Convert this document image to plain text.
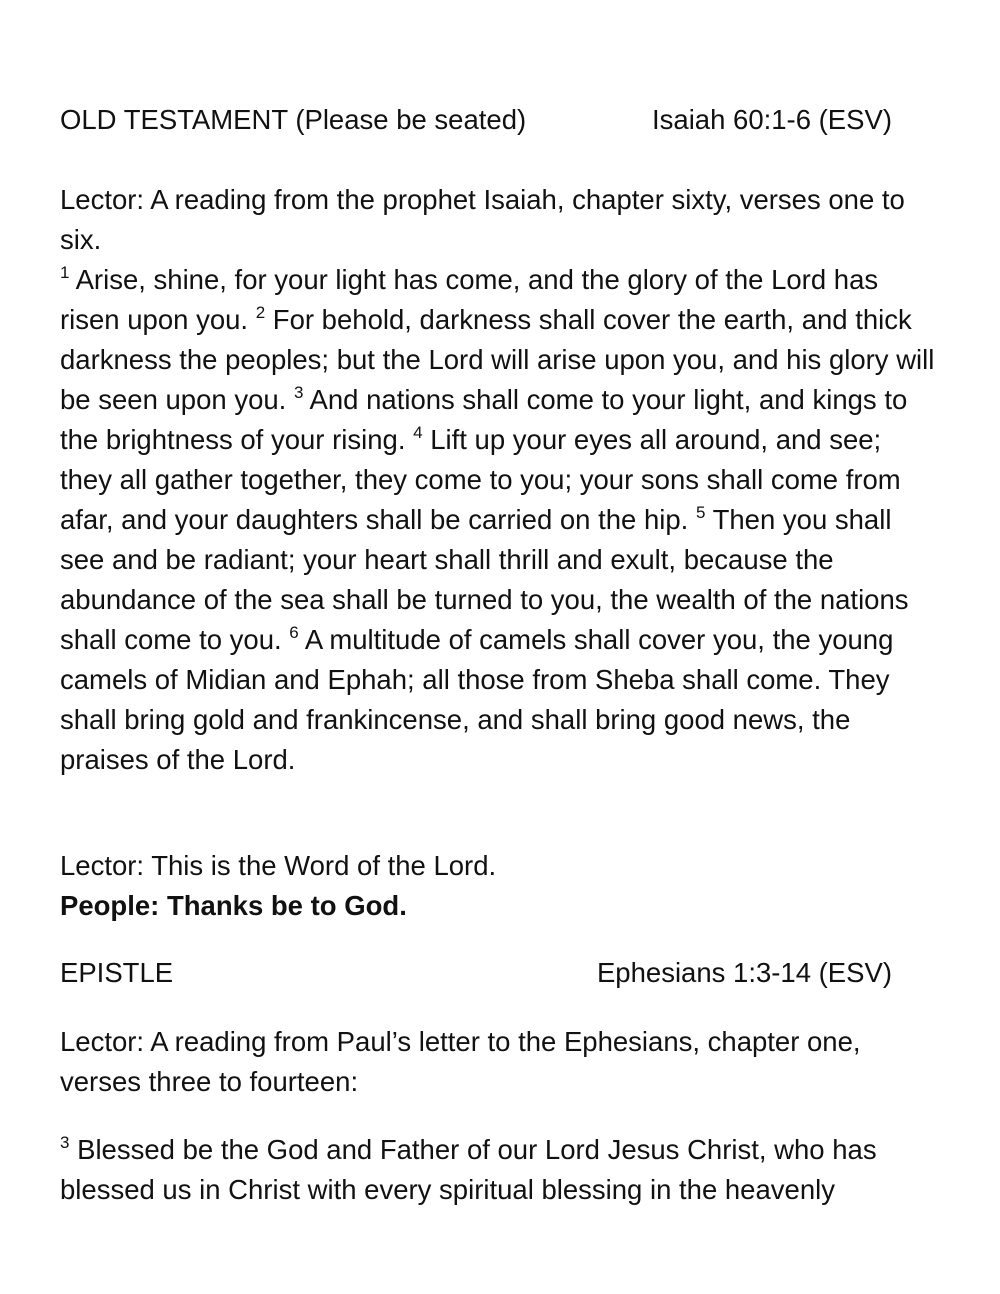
OLD TESTAMENT (Please be seated)	Isaiah 60:1-6 (ESV)

Lector: A reading from the prophet Isaiah, chapter sixty, verses one to six.

$^1$ Arise, shine, for your light has come, and the glory of the Lord has risen upon you. $^2$ For behold, darkness shall cover the earth, and thick darkness the peoples; but the Lord will arise upon you, and his glory will be seen upon you. $^3$ And nations shall come to your light, and kings to the brightness of your rising. $^4$ Lift up your eyes all around, and see; they all gather together, they come to you; your sons shall come from afar, and your daughters shall be carried on the hip. $^5$ Then you shall see and be radiant; your heart shall thrill and exult, because the abundance of the sea shall be turned to you, the wealth of the nations shall come to you. $^6$ A multitude of camels shall cover you, the young camels of Midian and Ephah; all those from Sheba shall come. They shall bring gold and frankincense, and shall bring good news, the praises of the Lord.

Lector: This is the Word of the Lord.
People: Thanks be to God.
EPISTLE	Ephesians 1:3-14 (ESV)

Lector: A reading from Paul’s letter to the Ephesians, chapter one, verses three to fourteen:

$^3$ Blessed be the God and Father of our Lord Jesus Christ, who has blessed us in Christ with every spiritual blessing in the heavenly
